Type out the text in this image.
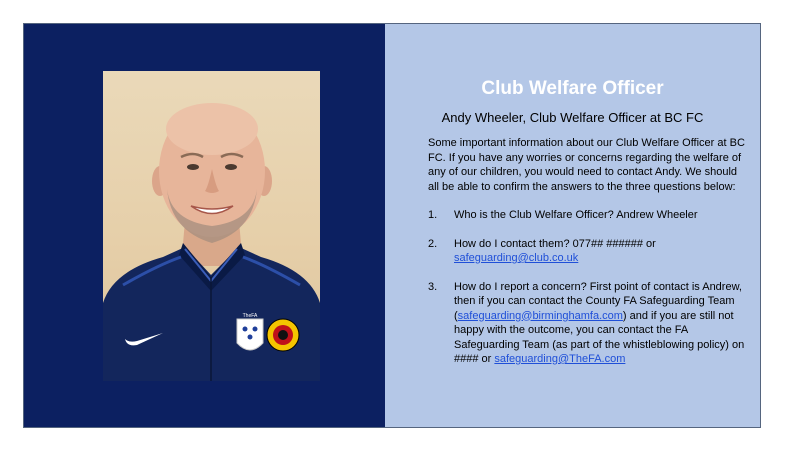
TheFA
Club Welfare Officer
Andy Wheeler, Club Welfare Officer at BC FC

Some important information about our Club Welfare Officer at BC FC. If you have any worries or concerns regarding the welfare of any of our children, you would need to contact Andy. We should all be able to confirm the answers to the three questions below:

1.	Who is the Club Welfare Officer? Andrew Wheeler
2.	How do I contact them? 077## ###### or safeguarding@club.co.uk
3.	How do I report a concern? First point of contact is Andrew, then if you can contact the County FA Safeguarding Team (safeguarding@birminghamfa.com) and if you are still not happy with the outcome, you can contact the FA Safeguarding Team (as part of the whistleblowing policy) on #### or safeguarding@TheFA.com
